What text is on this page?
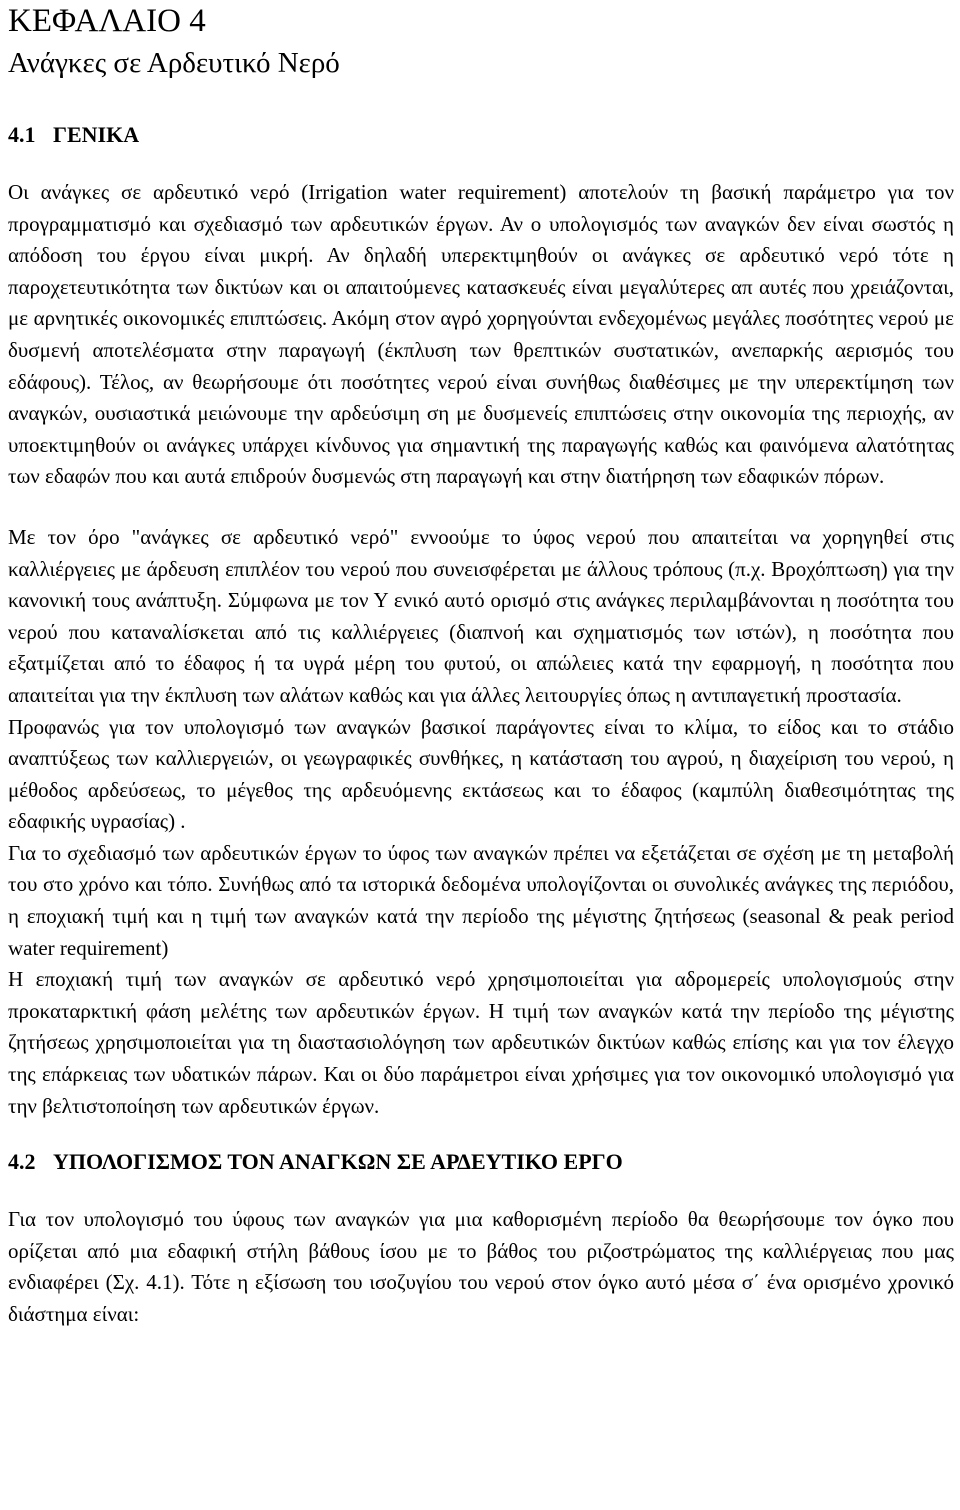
ΚΕΦΑΛΑΙΟ 4
Ανάγκες σε Αρδευτικό Νερό
4.1 ΓΕΝΙΚΑ

Οι ανάγκες σε αρδευτικό νερό (Irrigation water requirement) αποτελούν τη βασική παράμετρο για τον προγραμματισμό και σχεδιασμό των αρδευτικών έργων. Αν ο υπολογισμός των αναγκών δεν είναι σωστός η απόδοση του έργου είναι μικρή. Αν δηλαδή υπερεκτιμηθούν οι ανάγκες σε αρδευτικό νερό τότε η παροχετευτικότητα των δικτύων και οι απαιτούμενες κατασκευές είναι μεγαλύτερες απ αυτές που χρειάζονται, με αρνητικές οικονομικές επιπτώσεις. Ακόμη στον αγρό χορηγούνται ενδεχομένως μεγάλες ποσότητες νερού με δυσμενή αποτελέσματα στην παραγωγή (έκπλυση των θρεπτικών συστατικών, ανεπαρκής αερισμός του εδάφους). Τέλος, αν θεωρήσουμε ότι ποσότητες νερού είναι συνήθως διαθέσιμες με την υπερεκτίμηση των αναγκών, ουσιαστικά μειώνουμε την αρδεύσιμη ση με δυσμενείς επιπτώσεις στην οικονομία της περιοχής, αν υποεκτιμηθούν οι ανάγκες υπάρχει κίνδυνος για σημαντική της παραγωγής καθώς και φαινόμενα αλατότητας των εδαφών που και αυτά επιδρούν δυσμενώς στη παραγωγή και στην διατήρηση των εδαφικών πόρων.

Με τον όρο "ανάγκες σε αρδευτικό νερό" εννοούμε το ύφος νερού που απαιτείται να χορηγηθεί στις καλλιέργειες με άρδευση επιπλέον του νερού που συνεισφέρεται με άλλους τρόπους (π.χ. Βροχόπτωση) για την κανονική τους ανάπτυξη. Σύμφωνα με τον Υ ενικό αυτό ορισμό στις ανάγκες περιλαμβάνονται η ποσότητα του νερού που καταναλίσκεται από τις καλλιέργειες (διαπνοή και σχηματισμός των ιστών), η ποσότητα που εξατμίζεται από το έδαφος ή τα υγρά μέρη του φυτού, οι απώλειες κατά την εφαρμογή, η ποσότητα που απαιτείται για την έκπλυση των αλάτων καθώς και για άλλες λειτουργίες όπως η αντιπαγετική προστασία.

Προφανώς για τον υπολογισμό των αναγκών βασικοί παράγοντες είναι το κλίμα, το είδος και το στάδιο αναπτύξεως των καλλιεργειών, οι γεωγραφικές συνθήκες, η κατάσταση του αγρού, η διαχείριση του νερού, η μέθοδος αρδεύσεως, το μέγεθος της αρδευόμενης εκτάσεως και το έδαφος (καμπύλη διαθεσιμότητας της εδαφικής υγρασίας) .

Για το σχεδιασμό των αρδευτικών έργων το ύφος των αναγκών πρέπει να εξετάζεται σε σχέση με τη μεταβολή του στο χρόνο και τόπο. Συνήθως από τα ιστορικά δεδομένα υπολογίζονται οι συνολικές ανάγκες της περιόδου, η εποχιακή τιμή και η τιμή των αναγκών κατά την περίοδο της μέγιστης ζητήσεως (seasonal & peak period water requirement)

Η εποχιακή τιμή των αναγκών σε αρδευτικό νερό χρησιμοποιείται για αδρομερείς υπολογισμούς στην προκαταρκτική φάση μελέτης των αρδευτικών έργων. Η τιμή των αναγκών κατά την περίοδο της μέγιστης ζητήσεως χρησιμοποιείται για τη διαστασιολόγηση των αρδευτικών δικτύων καθώς επίσης και για τον έλεγχο της επάρκειας των υδατικών πάρων. Και οι δύο παράμετροι είναι χρήσιμες για τον οικονομικό υπολογισμό για την βελτιστοποίηση των αρδευτικών έργων.

4.2 ΥΠΟΛΟΓΙΣΜΟΣ ΤΟΝ ΑΝΑΓΚΩΝ ΣΕ ΑΡΔΕΥΤΙΚΟ ΕΡΓΟ

Για τον υπολογισμό του ύφους των αναγκών για μια καθορισμένη περίοδο θα θεωρήσουμε τον όγκο που ορίζεται από μια εδαφική στήλη βάθους ίσου με το βάθος του ριζοστρώματος της καλλιέργειας που μας ενδιαφέρει (Σχ. 4.1). Τότε η εξίσωση του ισοζυγίου του νερού στον όγκο αυτό μέσα σ΄ ένα ορισμένο χρονικό διάστημα είναι:
